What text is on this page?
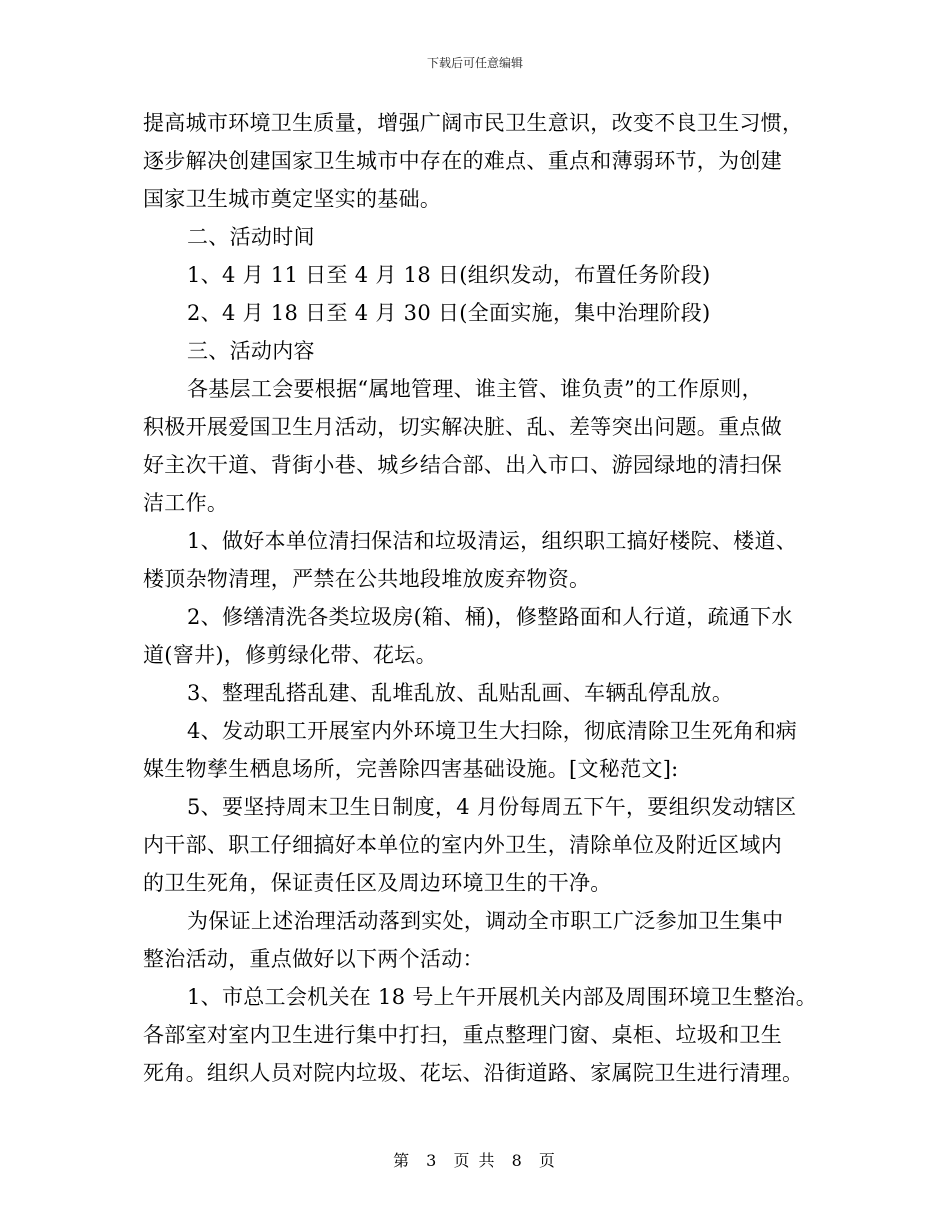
下载后可任意编辑
提高城市环境卫生质量，增强广阔市民卫生意识，改变不良卫生习惯，
逐步解决创建国家卫生城市中存在的难点、重点和薄弱环节，为创建
国家卫生城市奠定坚实的基础。
二、活动时间
1、4 月 11 日至 4 月 18 日(组织发动，布置任务阶段)
2、4 月 18 日至 4 月 30 日(全面实施，集中治理阶段)
三、活动内容
各基层工会要根据“属地管理、谁主管、谁负责”的工作原则，
积极开展爱国卫生月活动，切实解决脏、乱、差等突出问题。重点做
好主次干道、背街小巷、城乡结合部、出入市口、游园绿地的清扫保
洁工作。
1、做好本单位清扫保洁和垃圾清运，组织职工搞好楼院、楼道、
楼顶杂物清理，严禁在公共地段堆放废弃物资。
2、修缮清洗各类垃圾房(箱、桶)，修整路面和人行道，疏通下水
道(窨井)，修剪绿化带、花坛。
3、整理乱搭乱建、乱堆乱放、乱贴乱画、车辆乱停乱放。
4、发动职工开展室内外环境卫生大扫除，彻底清除卫生死角和病
媒生物孳生栖息场所，完善除四害基础设施。[文秘范文]:
5、要坚持周末卫生日制度，4 月份每周五下午，要组织发动辖区
内干部、职工仔细搞好本单位的室内外卫生，清除单位及附近区域内
的卫生死角，保证责任区及周边环境卫生的干净。
为保证上述治理活动落到实处，调动全市职工广泛参加卫生集中
整治活动，重点做好以下两个活动：
1、市总工会机关在 18 号上午开展机关内部及周围环境卫生整治。
各部室对室内卫生进行集中打扫，重点整理门窗、桌柜、垃圾和卫生
死角。组织人员对院内垃圾、花坛、沿街道路、家属院卫生进行清理。
第 3 页 共 8 页
